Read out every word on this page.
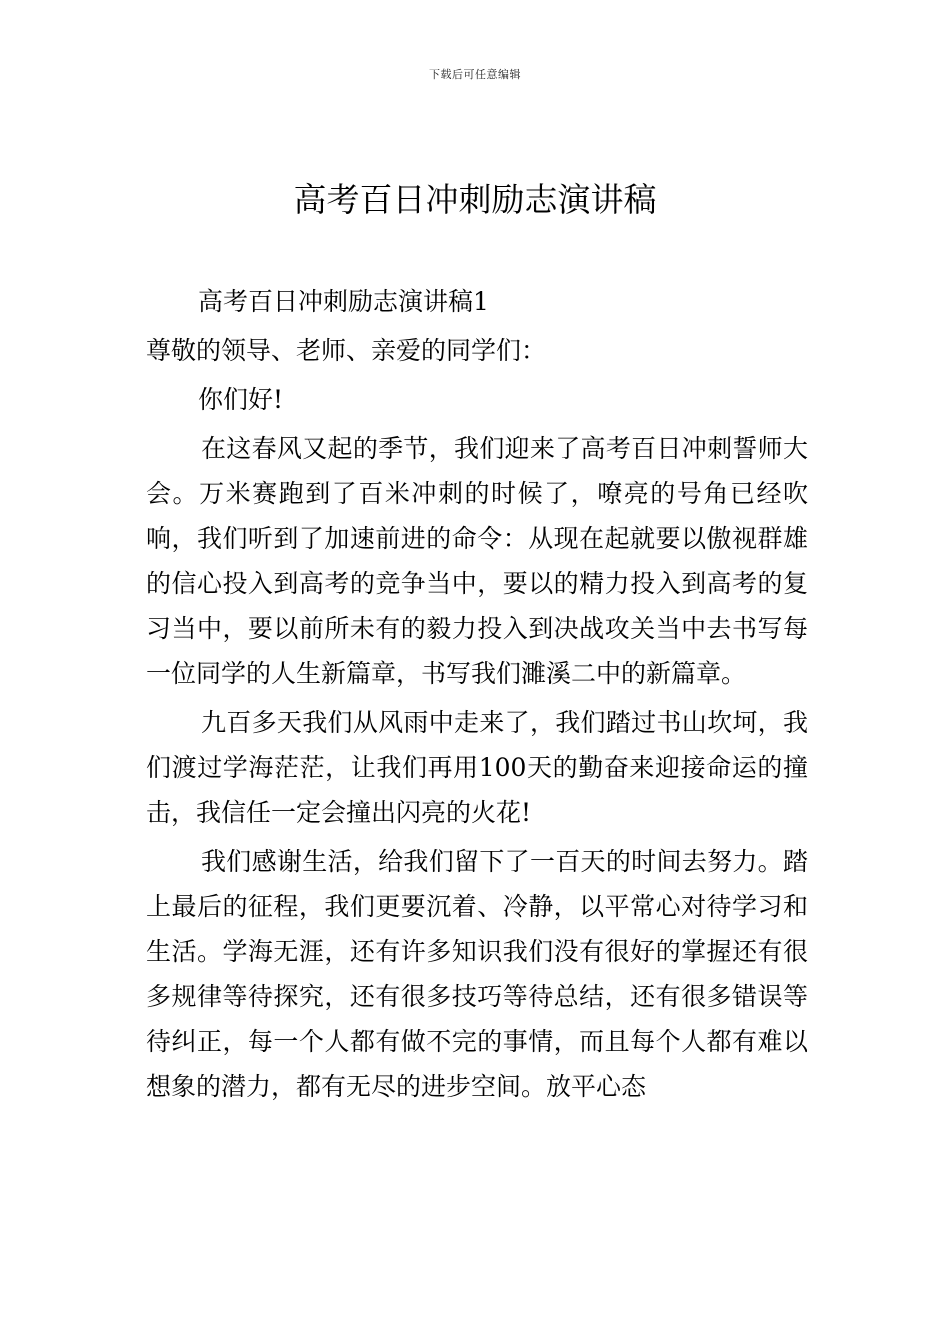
下载后可任意编辑
高考百日冲刺励志演讲稿

高考百日冲刺励志演讲稿1

尊敬的领导、老师、亲爱的同学们：

你们好!

在这春风又起的季节，我们迎来了高考百日冲刺誓师大会。万米赛跑到了百米冲刺的时候了，嘹亮的号角已经吹响，我们听到了加速前进的命令：从现在起就要以傲视群雄的信心投入到高考的竞争当中，要以的精力投入到高考的复习当中，要以前所未有的毅力投入到决战攻关当中去书写每一位同学的人生新篇章，书写我们濉溪二中的新篇章。

九百多天我们从风雨中走来了，我们踏过书山坎坷，我们渡过学海茫茫，让我们再用100天的勤奋来迎接命运的撞击，我信任一定会撞出闪亮的火花!

我们感谢生活，给我们留下了一百天的时间去努力。踏上最后的征程，我们更要沉着、冷静，以平常心对待学习和生活。学海无涯，还有许多知识我们没有很好的掌握还有很多规律等待探究，还有很多技巧等待总结，还有很多错误等待纠正，每一个人都有做不完的事情，而且每个人都有难以想象的潜力，都有无尽的进步空间。放平心态
